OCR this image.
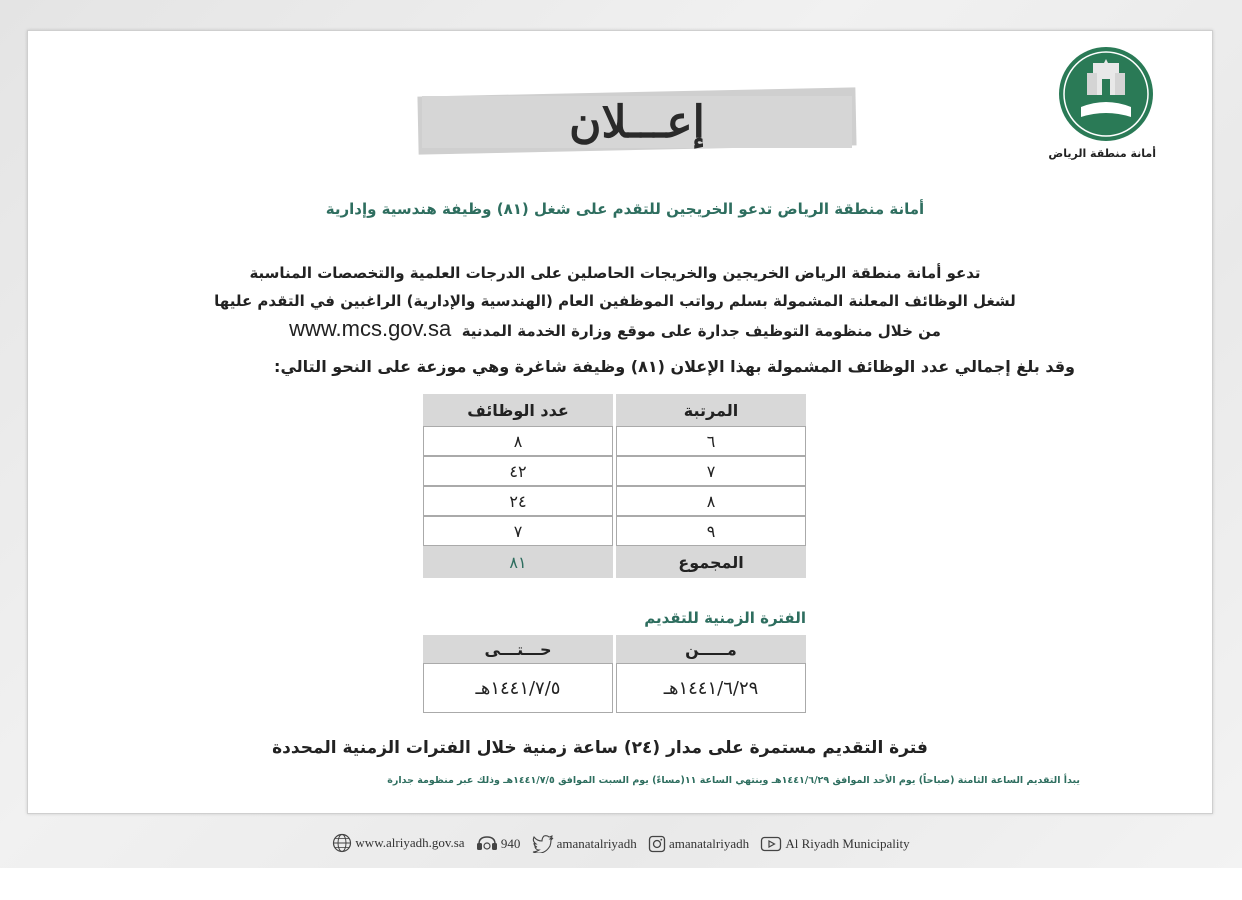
أمانة منطقة الرياض
إعـــلان
أمانة منطقة الرياض تدعو الخريجين للتقدم على شغل (٨١) وظيفة هندسية وإدارية
تدعو أمانة منطقة الرياض الخريجين والخريجات الحاصلين على الدرجات العلمية والتخصصات المناسبة
لشغل الوظائف المعلنة المشمولة بسلم رواتب الموظفين العام (الهندسية والإدارية) الراغبين في التقدم عليها
من خلال منظومة التوظيف جدارة على موقع وزارة الخدمة المدنية  www.mcs.gov.sa
وقد بلغ إجمالي عدد الوظائف المشمولة بهذا الإعلان (٨١) وظيفة شاغرة وهي موزعة على النحو التالي:
المرتبة	عدد الوظائف
٦	٨
٧	٤٢
٨	٢٤
٩	٧
المجموع	٨١
الفترة الزمنية للتقديم
مـــــن	حـــتـــى
١٤٤١/٦/٢٩هـ	١٤٤١/٧/٥هـ
فترة التقديم مستمرة على مدار (٢٤) ساعة زمنية خلال الفترات الزمنية المحددة
يبدأ التقديم الساعة الثامنة (صباحاً) يوم الأحد الموافق ١٤٤١/٦/٢٩هـ وينتهي الساعة ١١(مساءً) يوم السبت الموافق ١٤٤١/٧/٥هـ وذلك عبر منظومة جدارة
www.alriyadh.gov.sa
	940
	amanatalriyadh
amanatalriyadh
	Al Riyadh Municipality
